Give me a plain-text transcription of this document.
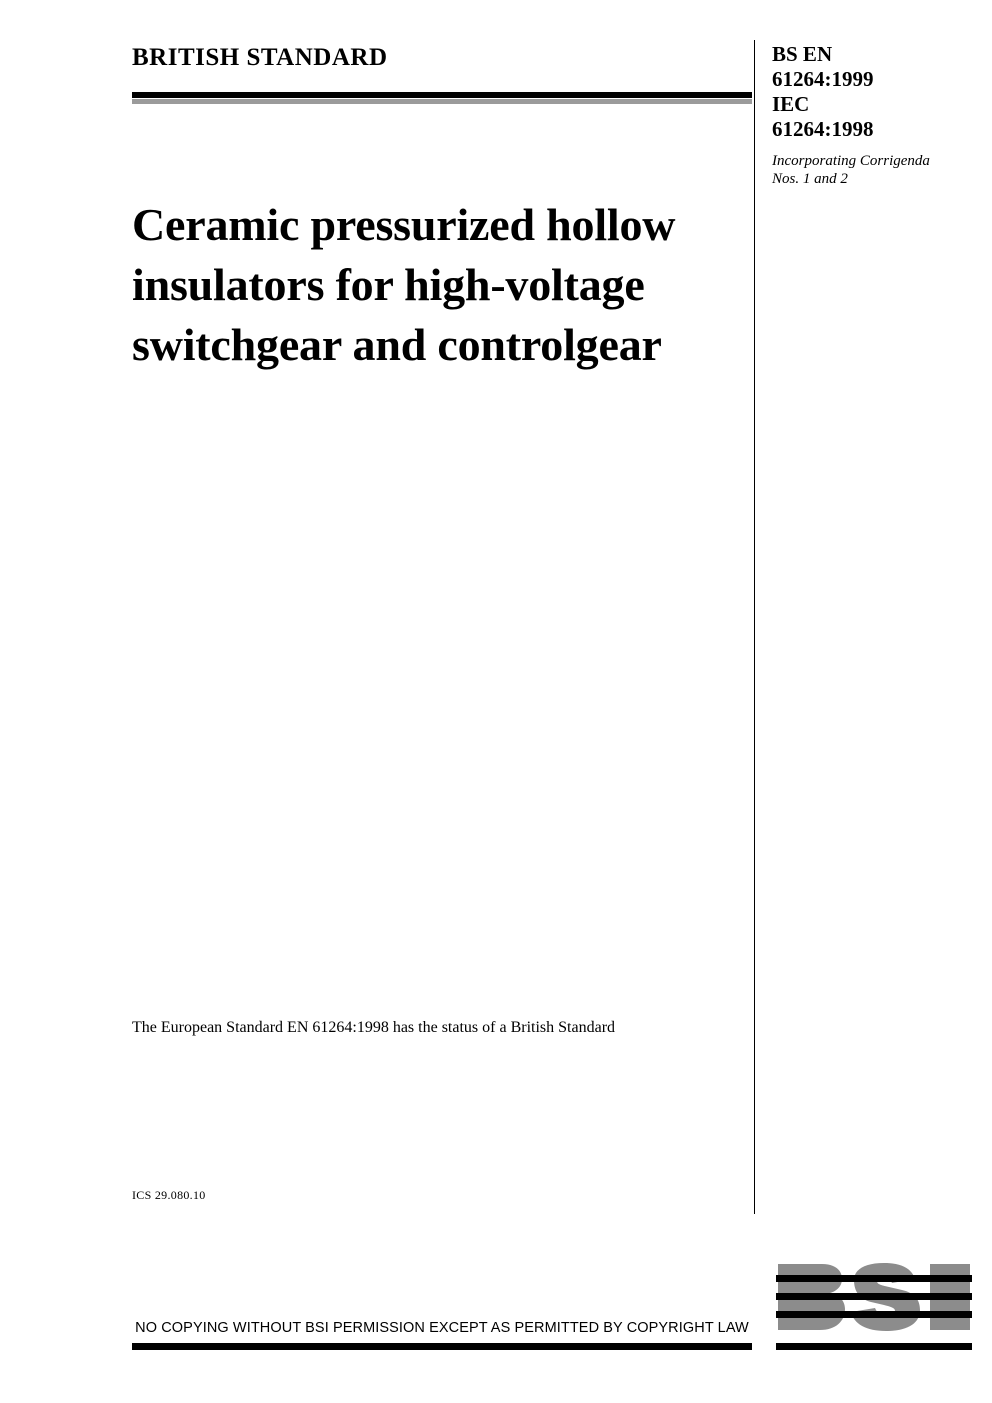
BRITISH STANDARD	BS EN
61264:1999
IEC
61264:1998
Incorporating Corrigenda Nos. 1 and 2
Ceramic pressurized hollow insulators for high-voltage switchgear and controlgear
The European Standard EN 61264:1998 has the status of a British Standard
ICS 29.080.10
NO COPYING WITHOUT BSI PERMISSION EXCEPT AS PERMITTED BY COPYRIGHT LAW
